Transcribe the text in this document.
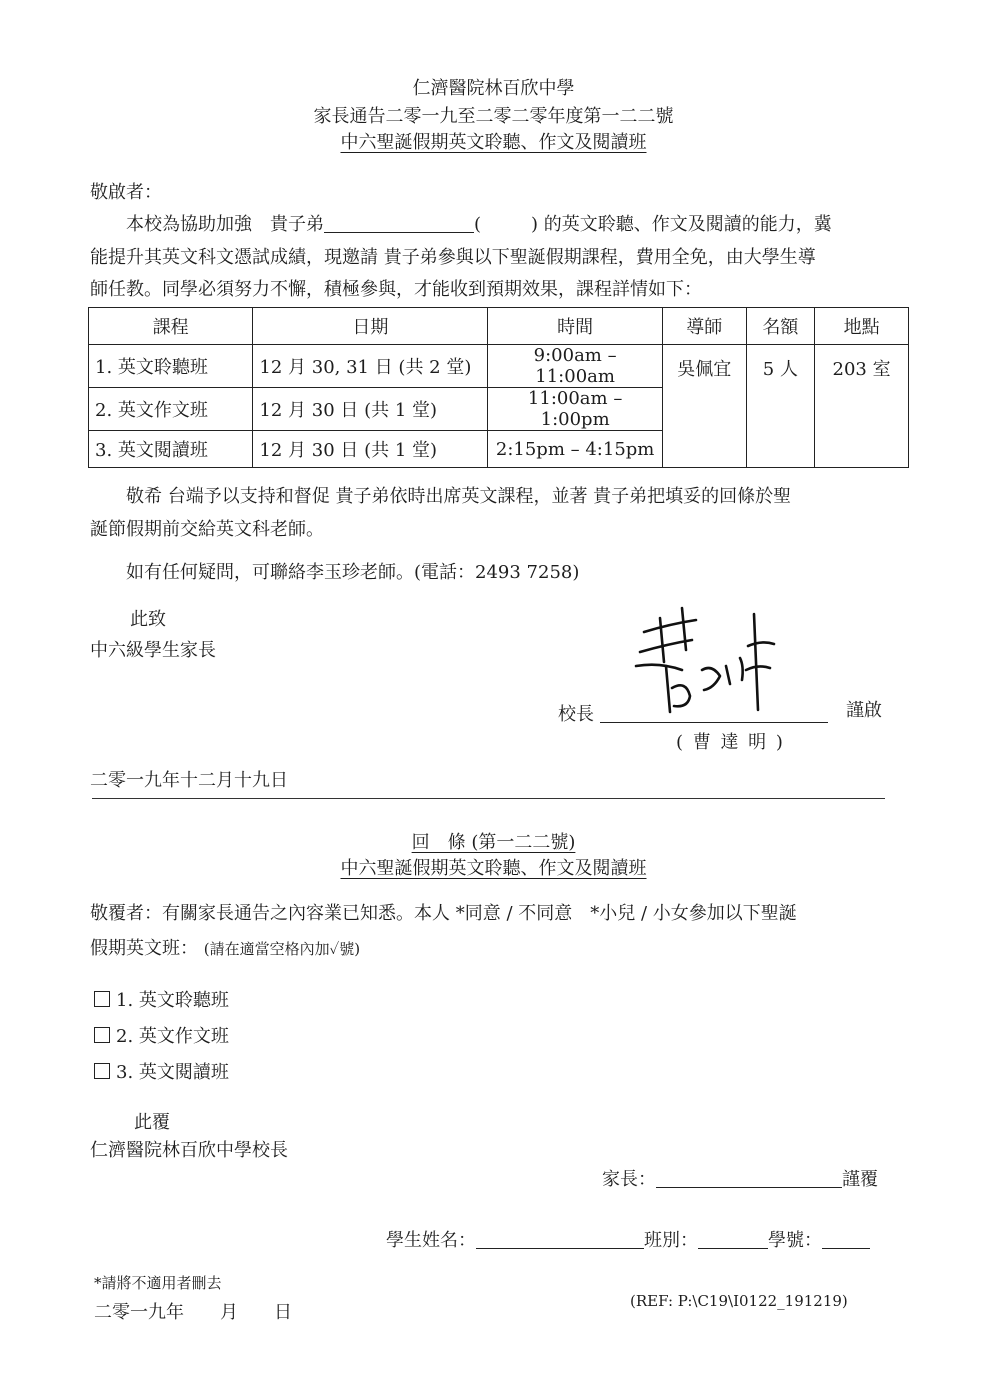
仁濟醫院林百欣中學
家長通告二零一九至二零二零年度第一二二號
中六聖誕假期英文聆聽、作文及閱讀班
敬啟者：
本校為協助加強　貴子弟	(	) 的英文聆聽、作文及閱讀的能力，冀
能提升其英文科文憑試成績，現邀請 貴子弟參與以下聖誕假期課程，費用全免，由大學生導
師任教。同學必須努力不懈，積極參與，才能收到預期效果，課程詳情如下：
課程	日期	時間	導師	名額	地點
1. 英文聆聽班	12 月 30, 31 日 (共 2 堂)	9:00am – 11:00am	吳佩宜	5 人	203 室
2. 英文作文班	12 月 30 日 (共 1 堂)	11:00am – 1:00pm			
3. 英文閱讀班	12 月 30 日 (共 1 堂)	2:15pm – 4:15pm			
敬希 台端予以支持和督促 貴子弟依時出席英文課程，並著 貴子弟把填妥的回條於聖
誕節假期前交給英文科老師。
如有任何疑問，可聯絡李玉珍老師。(電話：2493 7258)
此致
中六級學生家長
校長	謹啟
( 曹 達 明 )
二零一九年十二月十九日
回　條 (第一二二號)
中六聖誕假期英文聆聽、作文及閱讀班
敬覆者：有關家長通告之內容業已知悉。本人 *同意 / 不同意　*小兒 / 小女參加以下聖誕
假期英文班： (請在適當空格內加✓號)
1. 英文聆聽班
2. 英文作文班
3. 英文閱讀班
此覆
仁濟醫院林百欣中學校長
家長：	謹覆
學生姓名：	班別：	學號：
*請將不適用者刪去
二零一九年　　月　　日
(REF: P:\C19\I0122_191219)
